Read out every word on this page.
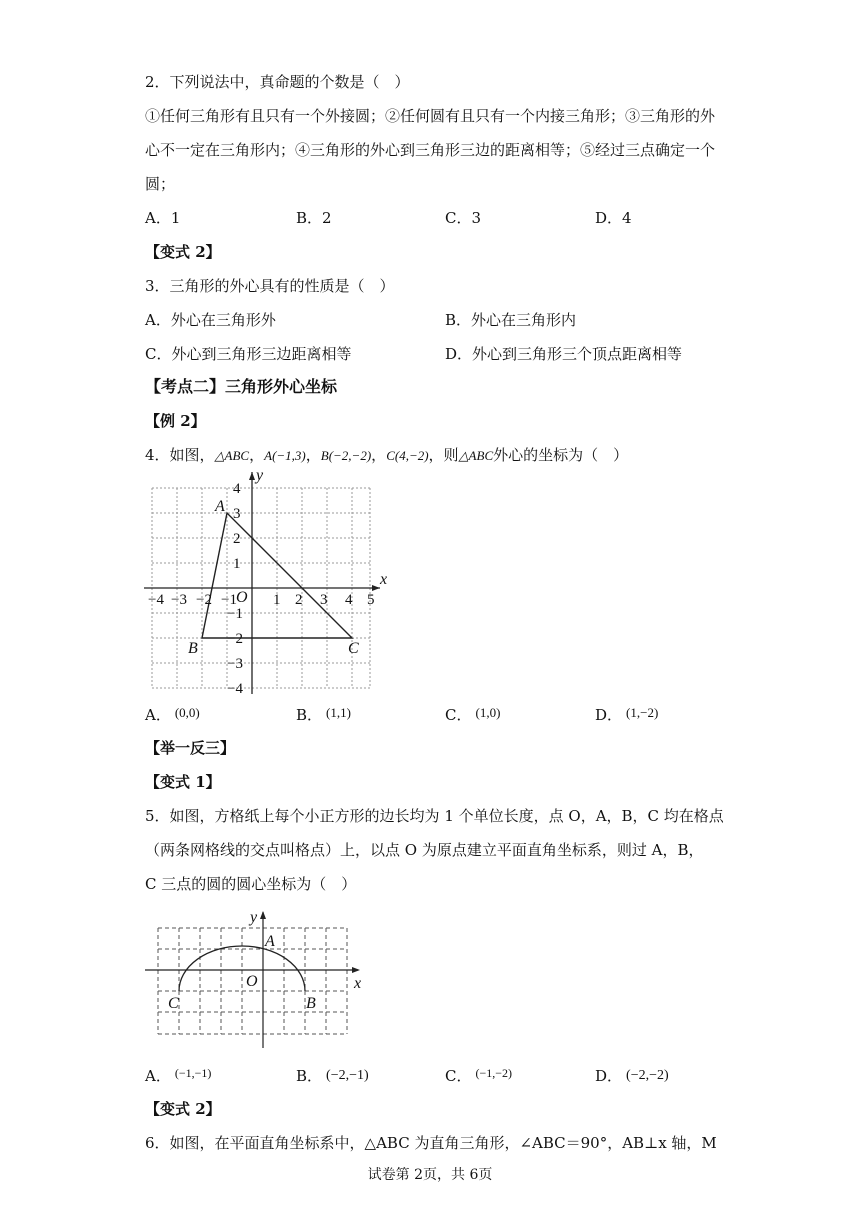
2．下列说法中，真命题的个数是（　）
①任何三角形有且只有一个外接圆；②任何圆有且只有一个内接三角形；③三角形的外
心不一定在三角形内；④三角形的外心到三角形三边的距离相等；⑤经过三点确定一个
圆；
A．1	B．2	C．3	D．4
【变式 2】
3．三角形的外心具有的性质是（　）
A．外心在三角形外	B．外心在三角形内
C．外心到三角形三边距离相等	D．外心到三角形三个顶点距离相等
【考点二】三角形外心坐标
【例 2】
4．如图，△ABC，A(−1,3)，B(−2,−2)，C(4,−2)，则△ABC外心的坐标为（　）
−4 −3 −2 −1 1 2 3 4 5
4
3
2
1
−1
−2
−3
−4
x
y
O
A
B	C
A． (0,0)	B． (1,1)	C． (1,0)	D． (1,−2)
【举一反三】
【变式 1】
5．如图，方格纸上每个小正方形的边长均为 1 个单位长度，点 O，A，B，C 均在格点
（两条网格线的交点叫格点）上，以点 O 为原点建立平面直角坐标系，则过 A，B，
C 三点的圆的圆心坐标为（　）
x
y
O
A
B
C
A． $^{(-1,-1)}$	B． (−2,−1)	C． $^{(-1,-2)}$	D． (−2,−2)
【变式 2】
6．如图，在平面直角坐标系中，△ABC 为直角三角形，∠ABC＝90°，AB⊥x 轴，M
试卷第 2页，共 6页
